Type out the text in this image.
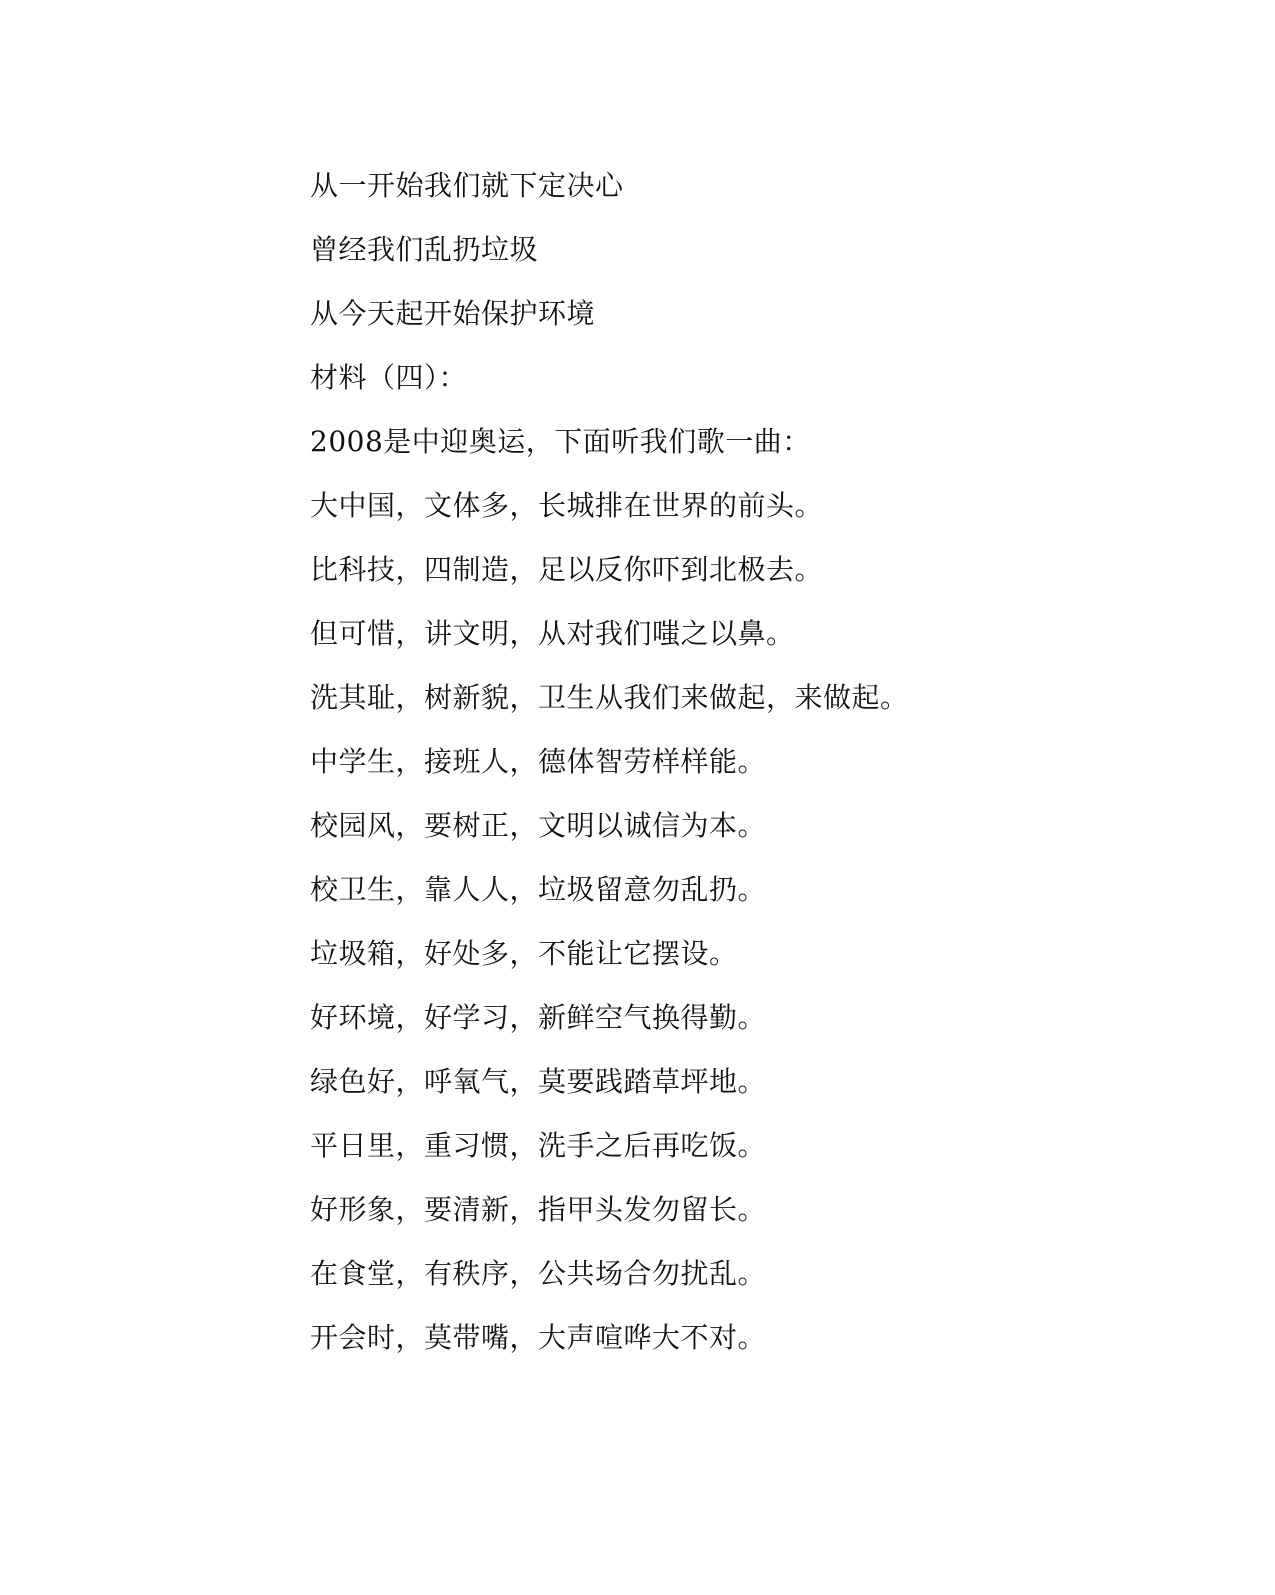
从一开始我们就下定决心
曾经我们乱扔垃圾
从今天起开始保护环境
材料（四）：
2008是中迎奥运，下面听我们歌一曲：
大中国，文体多，长城排在世界的前头。
比科技，四制造，足以反你吓到北极去。
但可惜，讲文明，从对我们嗤之以鼻。
洗其耻，树新貌，卫生从我们来做起，来做起。
中学生，接班人，德体智劳样样能。
校园风，要树正，文明以诚信为本。
校卫生，靠人人，垃圾留意勿乱扔。
垃圾箱，好处多，不能让它摆设。
好环境，好学习，新鲜空气换得勤。
绿色好，呼氧气，莫要践踏草坪地。
平日里，重习惯，洗手之后再吃饭。
好形象，要清新，指甲头发勿留长。
在食堂，有秩序，公共场合勿扰乱。
开会时，莫带嘴，大声喧哗大不对。
